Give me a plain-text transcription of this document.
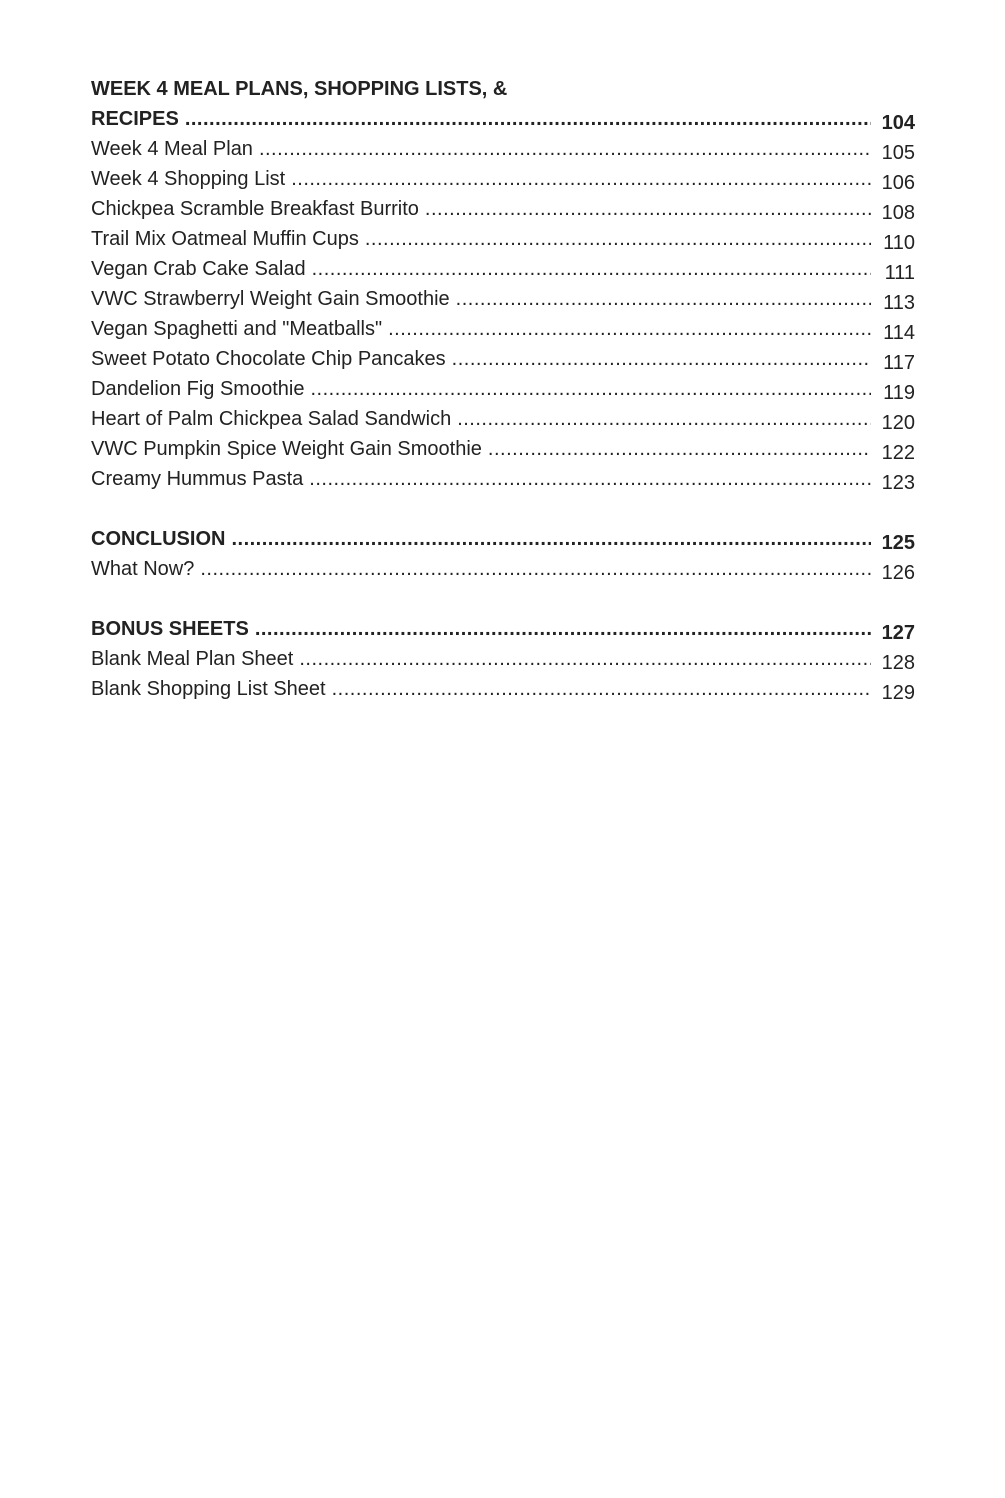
WEEK 4 MEAL PLANS, SHOPPING LISTS, &
RECIPES .....	104
Week 4 Meal Plan .....	105
Week 4 Shopping List .....	106
Chickpea Scramble Breakfast Burrito .....	108
Trail Mix Oatmeal Muffin Cups .....	110
Vegan Crab Cake Salad .....	111
VWC Strawberryl Weight Gain Smoothie .....	113
Vegan Spaghetti and "Meatballs" .....	114
Sweet Potato Chocolate Chip Pancakes .....	117
Dandelion Fig Smoothie .....	119
Heart of Palm Chickpea Salad Sandwich .....	120
VWC Pumpkin Spice Weight Gain Smoothie .....	122
Creamy Hummus Pasta .....	123
CONCLUSION .....	125
What Now? .....	126
BONUS SHEETS .....	127
Blank Meal Plan Sheet .....	128
Blank Shopping List Sheet .....	129
